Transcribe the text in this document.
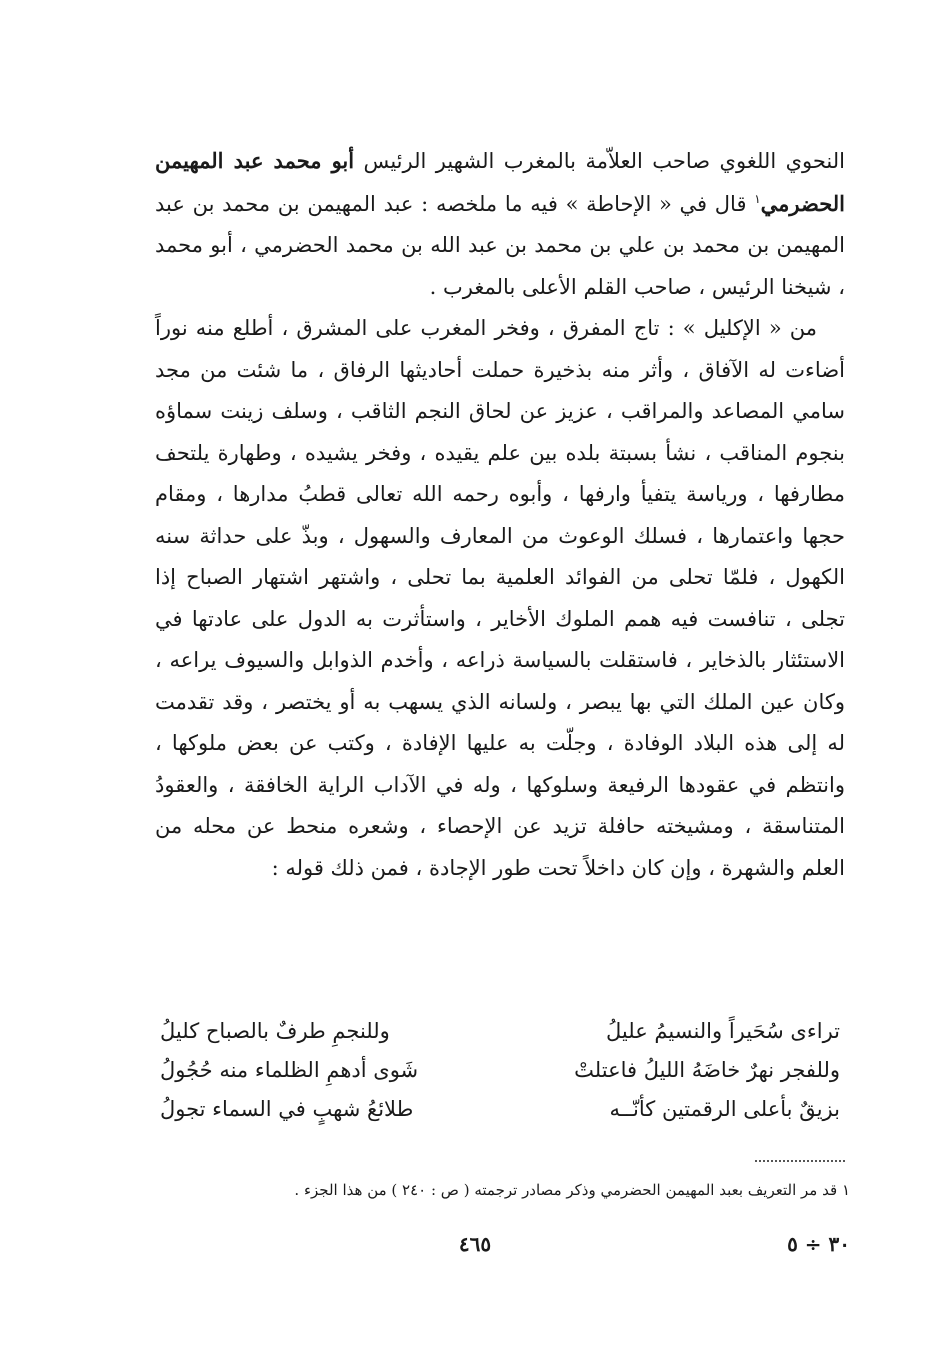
النحوي اللغوي صاحب العلاّمة بالمغرب الشهير الرئيس أبو محمد عبد المهيمن الحضرمي$^١$ قال في « الإحاطة » فيه ما ملخصه : عبد المهيمن بن محمد بن عبد المهيمن بن محمد بن علي بن محمد بن عبد الله بن محمد الحضرمي ، أبو محمد ، شيخنا الرئيس ، صاحب القلم الأعلى بالمغرب .

من « الإكليل » : تاج المفرق ، وفخر المغرب على المشرق ، أطلع منه نوراً أضاءت له الآفاق ، وأثر منه بذخيرة حملت أحاديثها الرفاق ، ما شئت من مجد سامي المصاعد والمراقب ، عزيز عن لحاق النجم الثاقب ، وسلف زينت سماؤه بنجوم المناقب ، نشأ بسبتة بلده بين علم يقيده ، وفخر يشيده ، وطهارة يلتحف مطارفها ، ورياسة يتفيأ وارفها ، وأبوه رحمه الله تعالى قطبُ مدارها ، ومقام حجها واعتمارها ، فسلك الوعوث من المعارف والسهول ، وبذّ على حداثة سنه الكهول ، فلمّا تحلى من الفوائد العلمية بما تحلى ، واشتهر اشتهار الصباح إذا تجلى ، تنافست فيه همم الملوك الأخاير ، واستأثرت به الدول على عادتها في الاستئثار بالذخاير ، فاستقلت بالسياسة ذراعه ، وأخدم الذوابل والسيوف يراعه ، وكان عين الملك التي بها يبصر ، ولسانه الذي يسهب به أو يختصر ، وقد تقدمت له إلى هذه البلاد الوفادة ، وجلّت به عليها الإفادة ، وكتب عن بعض ملوكها ، وانتظم في عقودها الرفيعة وسلوكها ، وله في الآداب الراية الخافقة ، والعقودُ المتناسقة ، ومشيخته حافلة تزيد عن الإحصاء ، وشعره منحط عن محله من العلم والشهرة ، وإن كان داخلاً تحت طور الإجادة ، فمن ذلك قوله :

تراءى سُحَيراً والنسيمُ عليلُ
وللنجمِ طرفٌ بالصباح كليلُ
وللفجر نهرٌ خاضَهُ الليلُ فاعتلتْ
شَوى أدهمِ الظلماء منه حُجُولُ
بزيقٌ بأعلى الرقمتين كأنّــه
طلائعُ شهبٍ في السماء تجولُ
١ قد مر التعريف بعبد المهيمن الحضرمي وذكر مصادر ترجمته ( ص : ٢٤٠ ) من هذا الجزء .
٤٦٥	٣٠ ÷ ٥
